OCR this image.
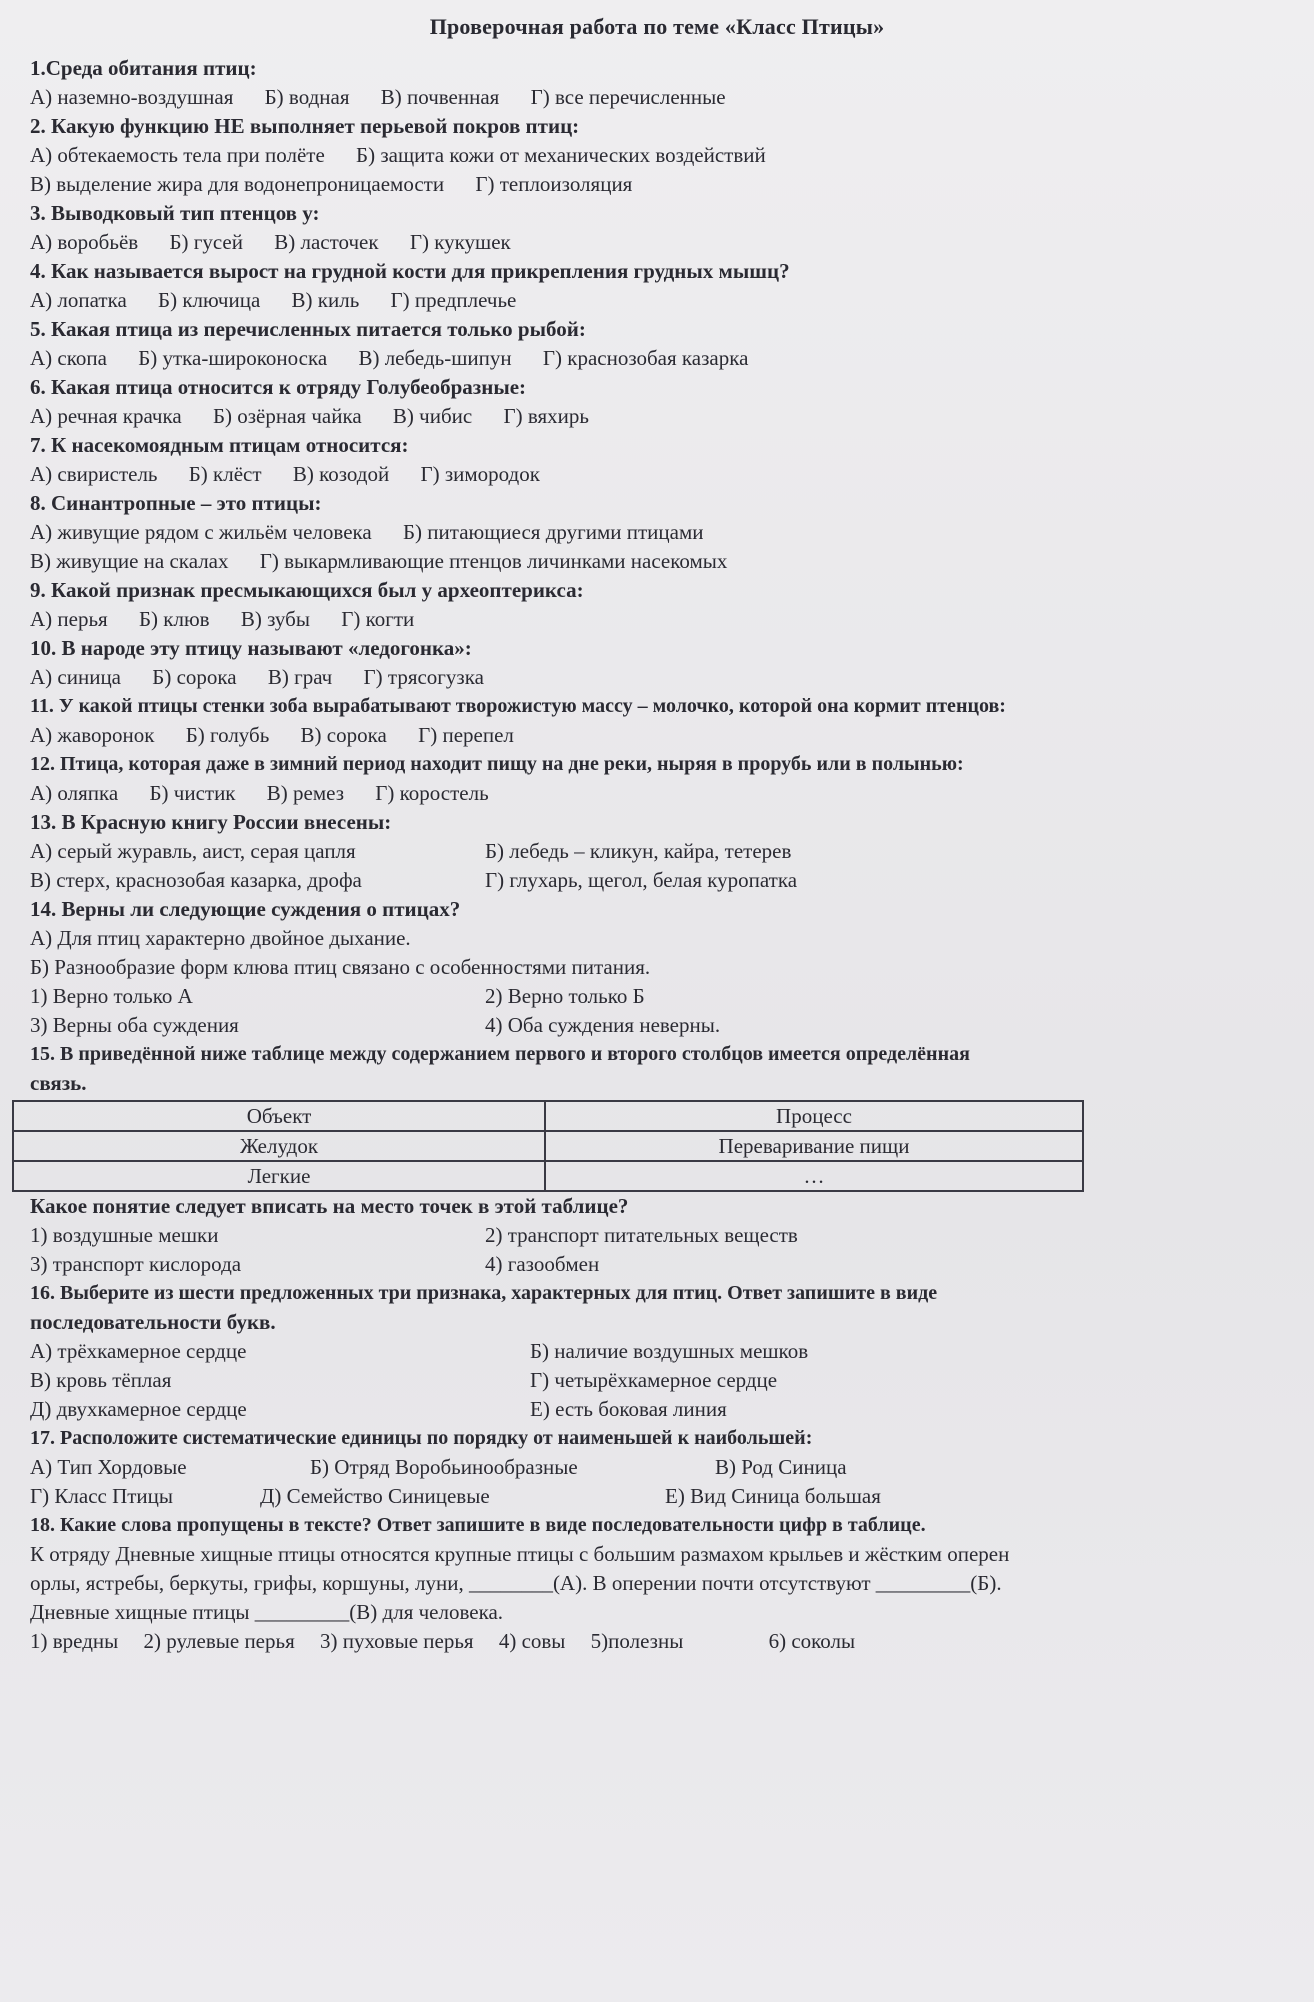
Проверочная работа по теме «Класс Птицы»
1.Среда обитания птиц:
А) наземно-воздушная Б) водная В) почвенная Г) все перечисленные
2. Какую функцию НЕ выполняет перьевой покров птиц:
А) обтекаемость тела при полёте Б) защита кожи от механических воздействий
В) выделение жира для водонепроницаемости Г) теплоизоляция
3. Выводковый тип птенцов у:
А) воробьёв Б) гусей В) ласточек Г) кукушек
4. Как называется вырост на грудной кости для прикрепления грудных мышц?
А) лопатка Б) ключица В) киль Г) предплечье
5. Какая птица из перечисленных питается только рыбой:
А) скопа Б) утка-широконоска В) лебедь-шипун Г) краснозобая казарка
6. Какая птица относится к отряду Голубеобразные:
А) речная крачка Б) озёрная чайка В) чибис Г) вяхирь
7. К насекомоядным птицам относится:
А) свиристель Б) клёст В) козодой Г) зимородок
8. Синантропные – это птицы:
А) живущие рядом с жильём человека Б) питающиеся другими птицами
В) живущие на скалах Г) выкармливающие птенцов личинками насекомых
9. Какой признак пресмыкающихся был у археоптерикса:
А) перья Б) клюв В) зубы Г) когти
10. В народе эту птицу называют «ледогонка»:
А) синица Б) сорока В) грач Г) трясогузка
11. У какой птицы стенки зоба вырабатывают творожистую массу – молочко, которой она кормит птенцов:
А) жаворонок Б) голубь В) сорока Г) перепел
12. Птица, которая даже в зимний период находит пищу на дне реки, ныряя в прорубь или в полынью:
А) оляпка Б) чистик В) ремез Г) коростель
13. В Красную книгу России внесены:
А) серый журавль, аист, серая цапля	Б) лебедь – кликун, кайра, тетерев
В) стерх, краснозобая казарка, дрофа	Г) глухарь, щегол, белая куропатка
14. Верны ли следующие суждения о птицах?
А) Для птиц характерно двойное дыхание.
Б) Разнообразие форм клюва птиц связано с особенностями питания.
1) Верно только А	2) Верно только Б
3) Верны оба суждения	4) Оба суждения неверны.
15. В приведённой ниже таблице между содержанием первого и второго столбцов имеется определённая
связь.
Объект	Процесс
Желудок	Переваривание пищи
Легкие	…
Какое понятие следует вписать на место точек в этой таблице?
1) воздушные мешки	2) транспорт питательных веществ
3) транспорт кислорода	4) газообмен
16. Выберите из шести предложенных три признака, характерных для птиц. Ответ запишите в виде
последовательности букв.
А) трёхкамерное сердце	Б) наличие воздушных мешков
В) кровь тёплая	Г) четырёхкамерное сердце
Д) двухкамерное сердце	Е) есть боковая линия
17. Расположите систематические единицы по порядку от наименьшей к наибольшей:
А) Тип Хордовые	Б) Отряд Воробьинообразные	В) Род Синица
Г) Класс Птицы	Д) Семейство Синицевые	Е) Вид Синица большая
18. Какие слова пропущены в тексте? Ответ запишите в виде последовательности цифр в таблице.
К отряду Дневные хищные птицы относятся крупные птицы с большим размахом крыльев и жёстким оперен
орлы, ястребы, беркуты, грифы, коршуны, луни, ________(А). В оперении почти отсутствуют _________(Б).
Дневные хищные птицы _________(В) для человека.
1) вредны 2) рулевые перья 3) пуховые перья 4) совы 5)полезны	6) соколы
